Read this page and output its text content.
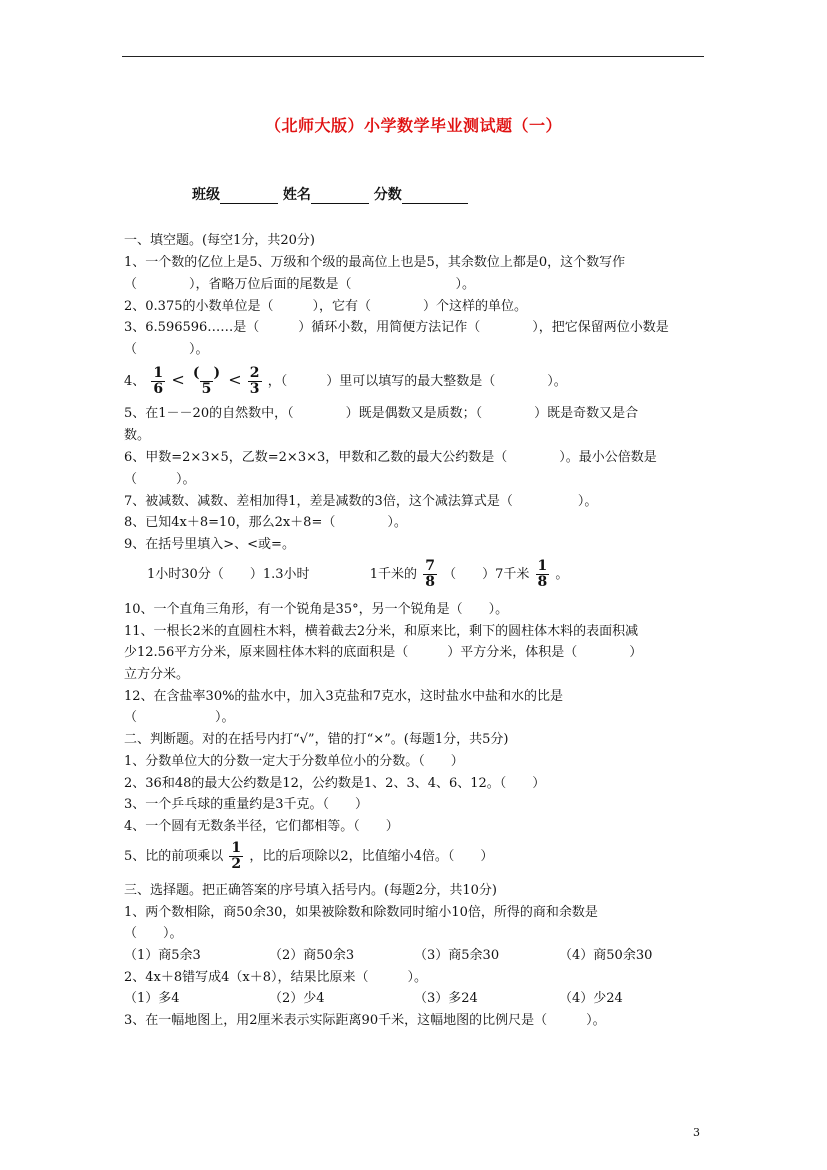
（北师大版）小学数学毕业测试题（一）
班级	姓名	分数
一、填空题。(每空1分，共20分)
1、一个数的亿位上是5、万级和个级的最高位上也是5，其余数位上都是0，这个数写作
（　　　　），省略万位后面的尾数是（　　　　　　　　）。
2、0.375的小数单位是（　　　），它有（　　　　）个这样的单位。
3、6.596596……是（　　　）循环小数，用简便方法记作（　　　　），把它保留两位小数是
（　　　　）。
4、 $\frac{1}{6}$ < (　)
$5 < \frac{2}{3}$ ，（　　　）里可以填写的最大整数是（　　　　）。
5、在1－－20的自然数中，（　　　　）既是偶数又是质数；（　　　　）既是奇数又是合
数。
6、甲数=2×3×5，乙数=2×3×3，甲数和乙数的最大公约数是（　　　　）。最小公倍数是
（　　　）。
7、被减数、减数、差相加得1，差是减数的3倍，这个减法算式是（　　　　　）。
8、已知4x＋8=10，那么2x＋8=（　　　　）。
9、在括号里填入>、<或=。
1小时30分（　　）1.3小时	1千米的 $\frac{7}{8}$ （　　）7千米 $\frac{1}{8}$ 。
10、一个直角三角形，有一个锐角是35°，另一个锐角是（　　）。
11、一根长2米的直圆柱木料，横着截去2分米，和原来比，剩下的圆柱体木料的表面积减
少12.56平方分米，原来圆柱体木料的底面积是（　　　）平方分米，体积是（　　　　）
立方分米。
12、在含盐率30%的盐水中，加入3克盐和7克水，这时盐水中盐和水的比是
（　　　　　　）。
二、判断题。对的在括号内打“√”，错的打“×”。(每题1分，共5分)
1、分数单位大的分数一定大于分数单位小的分数。（　　）
2、36和48的最大公约数是12，公约数是1、2、3、4、6、12。（　　）
3、一个乒乓球的重量约是3千克。（　　）
4、一个圆有无数条半径，它们都相等。（　　）
5、比的前项乘以 $\frac{1}{2}$ ，比的后项除以2，比值缩小4倍。（　　）
三、选择题。把正确答案的序号填入括号内。(每题2分，共10分)
1、两个数相除，商50余30，如果被除数和除数同时缩小10倍，所得的商和余数是
（　　）。
（1）商5余3	（2）商50余3	（3）商5余30	（4）商50余30
2、4x＋8错写成4（x＋8），结果比原来（　　　）。
（1）多4	（2）少4	（3）多24	（4）少24
3、在一幅地图上，用2厘米表示实际距离90千米，这幅地图的比例尺是（　　　）。
3
